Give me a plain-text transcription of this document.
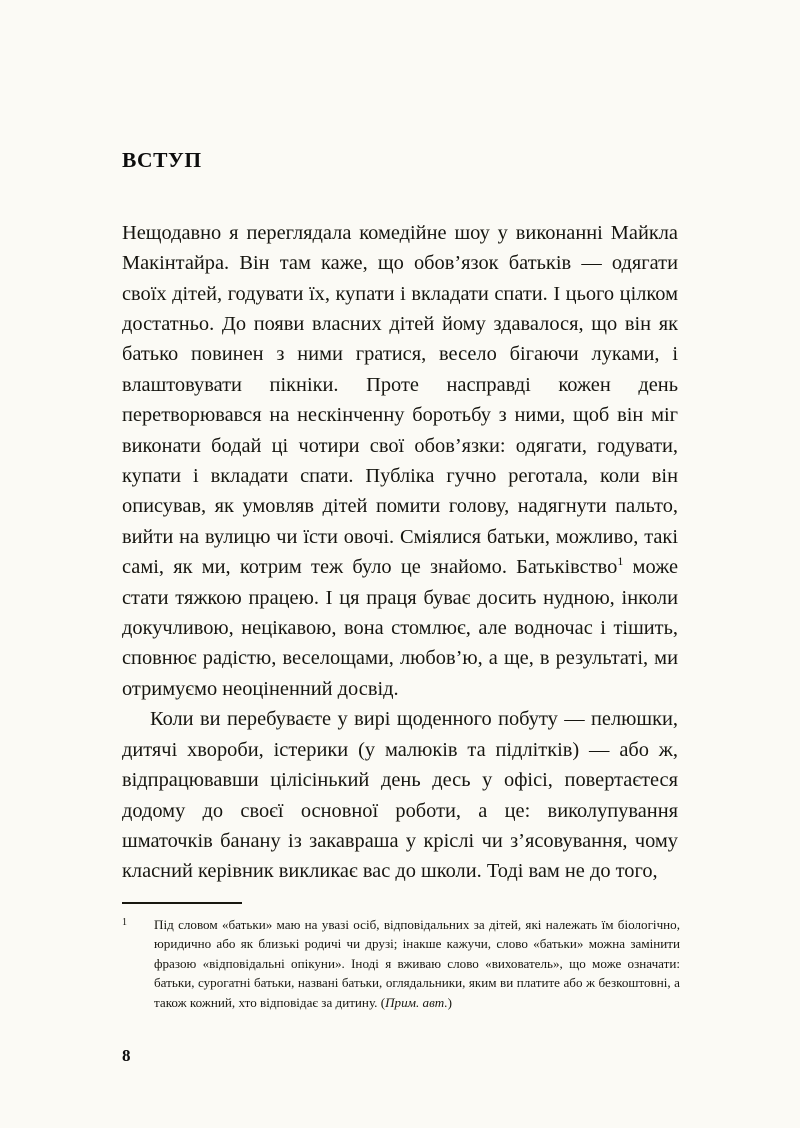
ВСТУП

Нещодавно я переглядала комедійне шоу у виконанні Майкла Макінтайра. Він там каже, що обов’язок батьків — одягати своїх дітей, годувати їх, купати і вкладати спати. І цього цілком достатньо. До появи власних дітей йому здавалося, що він як батько повинен з ними гратися, весело бігаючи луками, і влаштовувати пікніки. Проте насправді кожен день перетворювався на нескінченну боротьбу з ними, щоб він міг виконати бодай ці чотири свої обов’язки: одягати, годувати, купати і вкладати спати. Публіка гучно реготала, коли він описував, як умовляв дітей помити голову, надягнути пальто, вийти на вулицю чи їсти овочі. Сміялися батьки, можливо, такі самі, як ми, котрим теж було це знайомо. Батьківство$^1$ може стати тяжкою працею. І ця праця буває досить нудною, інколи докучливою, нецікавою, вона стомлює, але водночас і тішить, сповнює радістю, веселощами, любов’ю, а ще, в результаті, ми отримуємо неоціненний досвід.

Коли ви перебуваєте у вирі щоденного побуту — пелюшки, дитячі хвороби, істерики (у малюків та підлітків) — або ж, відпрацювавши цілісінький день десь у офісі, повертаєтеся додому до своєї основної роботи, а це: виколупування шматочків банану із закавраша у кріслі чи з’ясовування, чому класний керівник викликає вас до школи. Тоді вам не до того,

1 Під словом «батьки» маю на увазі осіб, відповідальних за дітей, які належать їм біологічно, юридично або як близькі родичі чи друзі; інакше кажучи, слово «батьки» можна замінити фразою «відповідальні опікуни». Іноді я вживаю слово «вихователь», що може означати: батьки, сурогатні батьки, названі батьки, оглядальники, яким ви платите або ж безкоштовні, а також кожний, хто відповідає за дитину. (Прим. авт.)
8
